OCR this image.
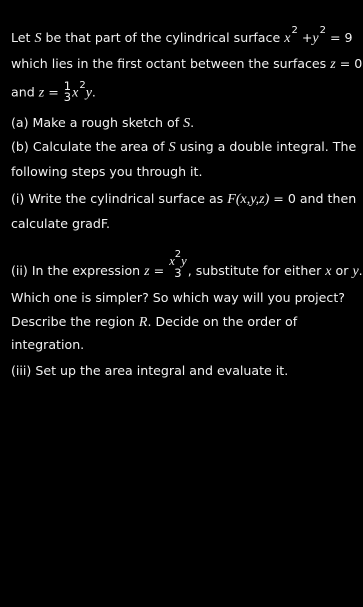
Let S be that part of the cylindrical surface $x^2 +y^2 = 9$
which lies in the first octant between the surfaces z = 0
and z = 1
3 $x^2y$.
(a) Make a rough sketch of S.
(b) Calculate the area of S using a double integral. The
following steps you through it.
(i) Write the cylindrical surface as F(x,y,z) = 0 and then
calculate gradF.
(ii) In the expression z =
$x^2y$
3 , substitute for either x or y.
Which one is simpler? So which way will you project?
Describe the region R. Decide on the order of
integration.
(iii) Set up the area integral and evaluate it.
